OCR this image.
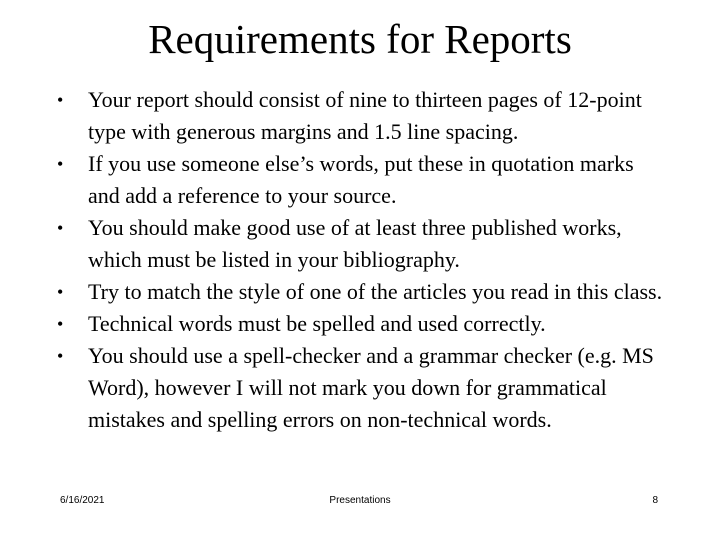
Requirements for Reports
•	Your report should consist of nine to thirteen pages of 12-point type with generous margins and 1.5 line spacing.
•	If you use someone else’s words, put these in quotation marks and add a reference to your source.
•	You should make good use of at least three published works, which must be listed in your bibliography.
•	Try to match the style of one of the articles you read in this class.
•	Technical words must be spelled and used correctly.
•	You should use a spell-checker and a grammar checker (e.g. MS Word), however I will not mark you down for grammatical mistakes and spelling errors on non-technical words.
6/16/2021	Presentations	8
